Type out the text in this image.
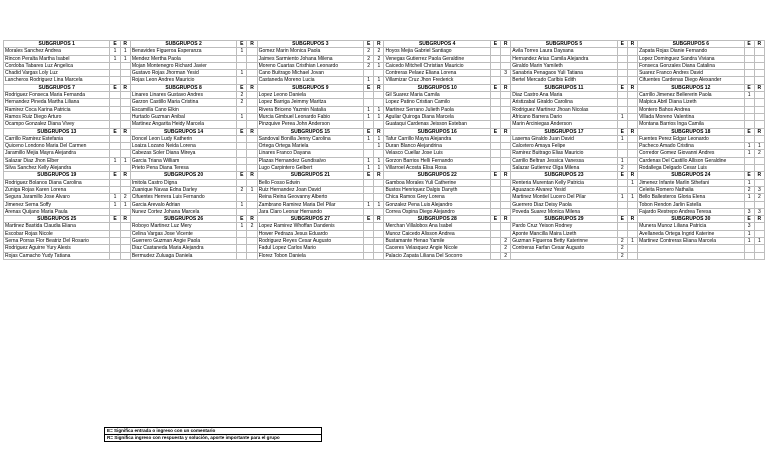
SUBGRUPOS 1	E	R	SUBGRUPOS 2	E	R	SUBGRUPOS 3	E	R	SUBGRUPOS 4	E	R	SUBGRUPOS 5	E	R	SUBGRUPOS 6	E	R
Morales Sanchez Andrea	1	1	Benavides Figueroa Esperanza	1		Gomez Marin Monica Paola	2	2	Hoyos Mejia Gabriel Santiago			Avila Torres Laura Daysana			Zapata Rojas Dianie Fernando		
Rincon Peralta Martha Isabel	1	1	Mendez Mertha Paola			Jaimes Sarmiento Johana Milena	2	2	Venegas Gutierrez Paola Geraldine			Hernandez Arias Camila Alejandra			Lopez Dominguez Sandra Viviana		
Cordoba Tabares Luz Angelica			Mojan Montenegro Richard Javier			Moreno Cuartas Cristhian Leonardo	2	1	Caicedo Mitchell Christian Mauricio			Giraldo Marin Yamileth			Fonseca Gonzales Diana Catalina		
Chadid Vargas Loly Luz			Gustavo Rojas Jhorman Yesid	1		Cano Buitrago Michael Jovan			Contreras Pelaez Eliana Lorena		3	Sanabria Penagaos Yuli Tatiana			Suarez Franco Andres David		
Lancheros Rodriguez Lina Marcela			Rojas Leon Andres Mauricio			Castaneda Moreno Lucia	1	1	Villamizar Cruz Jhon Frederick			Bertel Mercado Carlbis Edith			Cifuentes Cardenas Diego Alexander		
SUBGRUPOS 7	E	R	SUBGRUPOS 8	E	R	SUBGRUPOS 9	E	R	SUBGRUPOS 10	E	R	SUBGRUPOS 11	E	R	SUBGRUPOS 12	E	R
Rodriguez Fonseca Maria Fernanda			Linares Linares Gustavo Andres	2		Lopez Leono Daniela			Gil Suarez Maria Camila			Diaz Castro Ana Maria			Carrillo Jimenez Bellererin Paola	1	
Hernandez Pineda Martha Liliana			Garzon Castillo Maria Cristina	2		Lopez Barriga Jeimmy Maritza			Lopez Patino Cristian Camilo			Aristizabal Giraldo Carolina			Malpica Abril Diana Lizeth		
Ramirez Coca Karina Patricia			Escamilla Cano Elkin			Rivera Briceno Yazmin Natalia	1	1	Martinez Serrano Julieth Paola			Rodriguez Martinez Jhoan Nicolas			Montero Bahos Andrea		
Ramos Ruiz Diego Arturo			Hurtado Guzman Anibal	1		Murcia Gimbuel Leonardo Fabio	1	1	Aguilar Quiroga Diana Marcela			Africano Barrera Dario	1		Villada Moreno Valentina		
Ocampo Gonzalez Diana Vivey			Martinez Angarita Heidy Marcela			Pinzquive Perea John Anderson			Guataqui Cardenas Jeisson Esteban			Marin Arciniegas Anderson			Montana Barrios Inga Camila		
SUBGRUPOS 13	E	R	SUBGRUPOS 14	E	R	SUBGRUPOS 15	E	R	SUBGRUPOS 16	E	R	SUBGRUPOS 17	E	R	SUBGRUPOS 18	E	R
Carrillo Ramirez Estefania			Doncel Leon Ludy Katherin			Sandoval Bonilla Jenny Carolina	1	1	Tafur Carrillo Mayra Alejandra			Lasema Giraldo Juan David	1		Fuentes Perez Edgar Leonardo		
Quiceno Londono Maria Del Carmen			Loaiza Lozano Neida Lorena			Ortega Ortega Mariela		1	Duran Blanco Alejandrina			Calcetero Amaya Felipe			Pacheco Amado Cristina	1	1
Jaramillo Mejia Mayra Alejandra			Cabezas Soler Diana Mireya			Linares Franco Dayana			Velasco Cuellar Jose Luis			Ramirez Buitrago Elias Mauricio			Corredor Gomez Giovanni Andres	1	2
Salazar Diaz Jhon Elber	1	1	Garcia Triana William			Plazas Hernandez Gundisalvo	1	1	Gorzon Barrios Helli Fernando			Carrillo Beltran Jessica Vanessa	1		Cardenas Del Castillo Allison Geraldine		
Silva Sanchez Kelly Alejandra			Prieto Pena Diana Teresa			Lugo Carpintero Gelbert	1	1	Villarroel Acosta Elisa Rosa			Salazar Gutierrez Olga Milena	2		Rodallega Delgado Cesar Luis		
SUBGRUPOS 19	E	R	SUBGRUPOS 20	E	R	SUBGRUPOS 21	E	R	SUBGRUPOS 22	E	R	SUBGRUPOS 23	E	R	SUBGRUPOS 24	E	R
Rodriguez Bolanos Diana Carolina			Imitola Castro Digna			Bello Fosso Edwin			Gamboa Morales Yuli Catherine			Renteria Murentan Kelly Patricia		1	Jimenez Infante Marlin Sthefani	1	
Zuniga Rojas Karen Lorena			Zuanique Navas Edna Darley	2	1	Ruiz Hernandez Joan David			Bustos Henriquez Dalgis Danyth			Aguazaco Alvarez Yesid			Celeita Romero Nathalia	2	3
Segura Jaramillo Jose Alvaro	1	2	Cifuentes Herrera Luis Fernando			Reina Reina Geovanny Alberto			Chica Ramos Grey Lorena			Martinez Montiel Lucero Del Pilar	1	1	Bello Ballesteros Gloria Elena	1	2
Jimenez Serna Soffy	1	1	Garcia Arevalo Adrian	1		Zambrano Ramirez Maria Del Pilar	1	1	Gonzalez Pena Luis Alejandro			Guerrero Diaz Deisy Paola			Tobon Rendon Jarlin Estella		
Arenas Quijano Maria Paula			Nunez Cortez Johana Marcela			Jara Claro Leonar Hernando			Correa Ospina Diego Alejandro			Poveda Suarez Monica Milena			Fajardo Restrepo Andrea Teresa	3	3
SUBGRUPOS 25	E	R	SUBGRUPOS 26	E	R	SUBGRUPOS 27	E	R	SUBGRUPOS 28	E	R	SUBGRUPOS 29	E	R	SUBGRUPOS 30	E	R
Martinez Bastida Claudia Eliana			Roboyo Martinez Luz Mery	1	2	Lopez Ramirez Whoffan Dandenis			Merchan Villalobos Ana Isabel			Pardo Cruz Yeison Rodney			Munera Munoz Liliana Patricia	3	
Escobar Rojas Nicole			Celina Vargas Jose Vicente			Hower Pedraza Jesus Eduardo			Munoz Caicedo Alisson Andrea			Aponte Mancilla Maira Lizeth			Avellaneda Ortega Ingrid Katerine	1	
Serna Porras Flor Beatriz Del Rosario			Guerrero Guzman Angie Paola			Rodriguez Reyes Cesar Augusto			Bustamante Henao Yamile		2	Guzman Figueroa Betty Katerinne	2	1	Martinez Contreras Eliana Marcela	1	1
Rodriguez Aguirre Yury Alexis			Diaz Castaneda Maria Alejandra			Fadul Lopez Carlos Mario			Caceres Velasquez Angie Nicole		2	Contreras Farfan Cesar Augusto	2				
Rojas Camacho Yudy Tatiana			Bermudez Zuluaga Daniela			Florez Tobon Daniela			Palacio Zapata Liliana Del Socorro		2		2				
E= Significa entrada o ingreso con un comentario
R= Significa ingreso con respuesta y solución, aporte importante para el grupo
